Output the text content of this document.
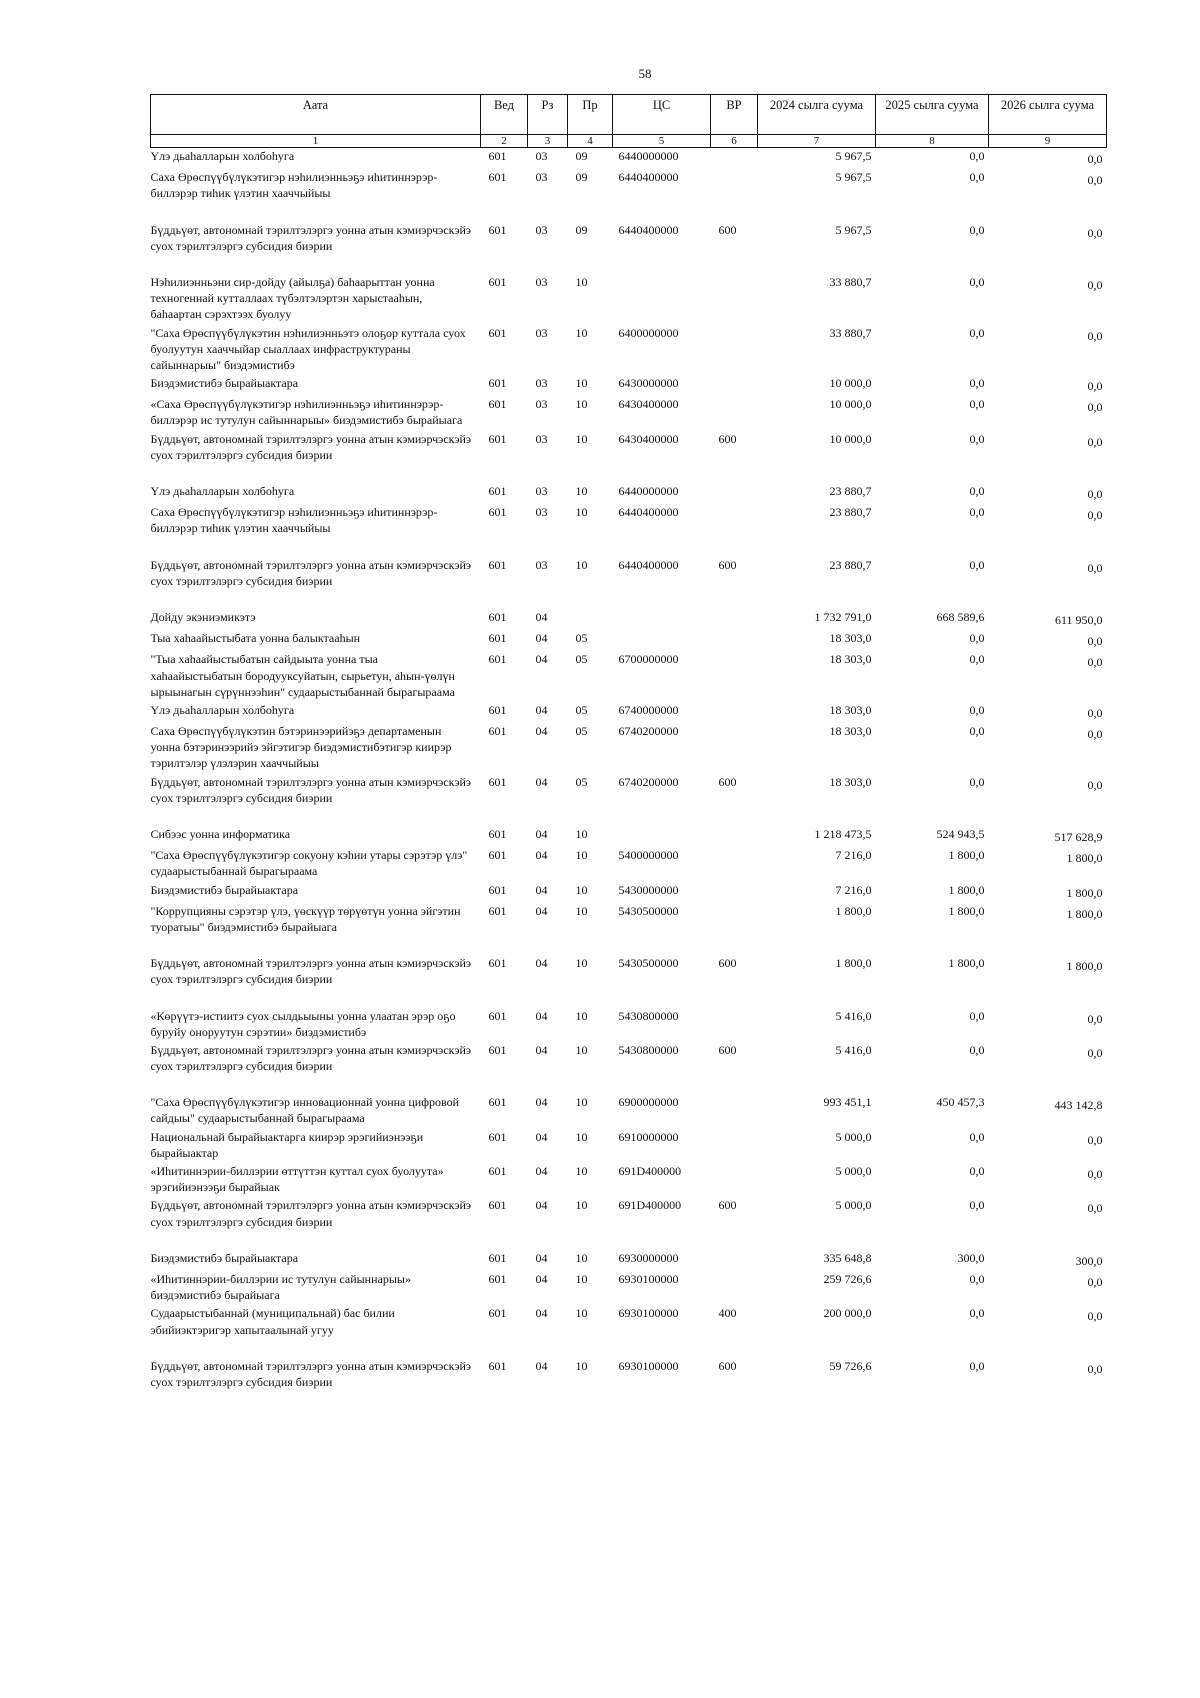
58
Аата	Вед	Рз	Пр	ЦС	ВР	2024 сылга суума	2025 сылга суума	2026 сылга суума
1	2	3	4	5	6	7	8	9
Үлэ дьаһалларын холбоһуга	601	03	09	6440000000		5 967,5	0,0	0,0
Саха Өрөспүүбүлүкэтигэр нэһилиэнньэҕэ иһитиннэрэр-биллэрэр тиһик үлэтин хааччыйыы	601	03	09	6440400000		5 967,5	0,0	0,0
Бүддьүөт, автономнай тэрилтэлэргэ уонна атын кэмиэрчэскэйэ суох тэрилтэлэргэ субсидия биэрии	601	03	09	6440400000	600	5 967,5	0,0	0,0
Нэһилиэнньэни сир-дойду (айылҕа) баһаарыттан уонна техногеннай кутталлаах түбэлтэлэртэн харыстааһын, баһаартан сэрэхтээх буолуу	601	03	10			33 880,7	0,0	0,0
"Саха Өрөспүүбүлүкэтин нэһилиэнньэтэ олоҕор куттала суох буолуутун хааччыйар сыаллаах инфраструктураны сайыннарыы" биэдэмистибэ	601	03	10	6400000000		33 880,7	0,0	0,0
Биэдэмистибэ бырайыактара	601	03	10	6430000000		10 000,0	0,0	0,0
«Саха Өрөспүүбүлүкэтигэр нэһилиэнньэҕэ иһитиннэрэр-биллэрэр ис тутулун сайыннарыы» биэдэмистибэ бырайыага	601	03	10	6430400000		10 000,0	0,0	0,0
Бүддьүөт, автономнай тэрилтэлэргэ уонна атын кэмиэрчэскэйэ суох тэрилтэлэргэ субсидия биэрии	601	03	10	6430400000	600	10 000,0	0,0	0,0
Үлэ дьаһалларын холбоһуга	601	03	10	6440000000		23 880,7	0,0	0,0
Саха Өрөспүүбүлүкэтигэр нэһилиэнньэҕэ иһитиннэрэр-биллэрэр тиһик үлэтин хааччыйыы	601	03	10	6440400000		23 880,7	0,0	0,0
Бүддьүөт, автономнай тэрилтэлэргэ уонна атын кэмиэрчэскэйэ суох тэрилтэлэргэ субсидия биэрии	601	03	10	6440400000	600	23 880,7	0,0	0,0
Дойду экэниэмикэтэ	601	04				1 732 791,0	668 589,6	611 950,0
Тыа хаһаайыстыбата уонна балыктааһын	601	04	05			18 303,0	0,0	0,0
"Тыа хаһаайыстыбатын сайдыыта уонна тыа хаһаайыстыбатын бородууксуйатын, сырьетун, аһын-үөлүн ырыынагын сүрүннээһин" судаарыстыбаннай бырагыраама	601	04	05	6700000000		18 303,0	0,0	0,0
Үлэ дьаһалларын холбоһуга	601	04	05	6740000000		18 303,0	0,0	0,0
Саха Өрөспүүбүлүкэтин бэтэринээрийэҕэ департаменын уонна бэтэринээрийэ эйгэтигэр биэдэмистибэтигэр киирэр тэрилтэлэр үлэлэрин хааччыйыы	601	04	05	6740200000		18 303,0	0,0	0,0
Бүддьүөт, автономнай тэрилтэлэргэ уонна атын кэмиэрчэскэйэ суох тэрилтэлэргэ субсидия биэрии	601	04	05	6740200000	600	18 303,0	0,0	0,0
Сибээс уонна информатика	601	04	10			1 218 473,5	524 943,5	517 628,9
"Саха Өрөспүүбүлүкэтигэр сокуону кэһии утары сэрэтэр үлэ" судаарыстыбаннай бырагыраама	601	04	10	5400000000		7 216,0	1 800,0	1 800,0
Биэдэмистибэ бырайыактара	601	04	10	5430000000		7 216,0	1 800,0	1 800,0
"Коррупцияны сэрэтэр үлэ, үөскүүр төрүөтүн уонна эйгэтин туоратыы" биэдэмистибэ бырайыага	601	04	10	5430500000		1 800,0	1 800,0	1 800,0
Бүддьүөт, автономнай тэрилтэлэргэ уонна атын кэмиэрчэскэйэ суох тэрилтэлэргэ субсидия биэрии	601	04	10	5430500000	600	1 800,0	1 800,0	1 800,0
«Көрүүтэ-истиитэ суох сылдьыыны уонна улаатан эрэр оҕо буруйу оноруутун сэрэтии» биэдэмистибэ	601	04	10	5430800000		5 416,0	0,0	0,0
Бүддьүөт, автономнай тэрилтэлэргэ уонна атын кэмиэрчэскэйэ суох тэрилтэлэргэ субсидия биэрии	601	04	10	5430800000	600	5 416,0	0,0	0,0
"Саха Өрөспүүбүлүкэтигэр инновационнай уонна цифровой сайдыы" судаарыстыбаннай бырагыраама	601	04	10	6900000000		993 451,1	450 457,3	443 142,8
Национальнай бырайыактарга киирэр эрэгийиэнээҕи бырайыактар	601	04	10	6910000000		5 000,0	0,0	0,0
«Иһитиннэрии-биллэрии өттүттэн куттал суох буолуута» эрэгийиэнээҕи бырайыак	601	04	10	691D400000		5 000,0	0,0	0,0
Бүддьүөт, автономнай тэрилтэлэргэ уонна атын кэмиэрчэскэйэ суох тэрилтэлэргэ субсидия биэрии	601	04	10	691D400000	600	5 000,0	0,0	0,0
Биэдэмистибэ бырайыактара	601	04	10	6930000000		335 648,8	300,0	300,0
«Иһитиннэрии-биллэрии ис тутулун сайыннарыы» биэдэмистибэ бырайыага	601	04	10	6930100000		259 726,6	0,0	0,0
Судаарыстыбаннай (муниципальнай) бас билии эбийиэктэригэр хапытаалынай угуу	601	04	10	6930100000	400	200 000,0	0,0	0,0
Бүддьүөт, автономнай тэрилтэлэргэ уонна атын кэмиэрчэскэйэ суох тэрилтэлэргэ субсидия биэрии	601	04	10	6930100000	600	59 726,6	0,0	0,0
